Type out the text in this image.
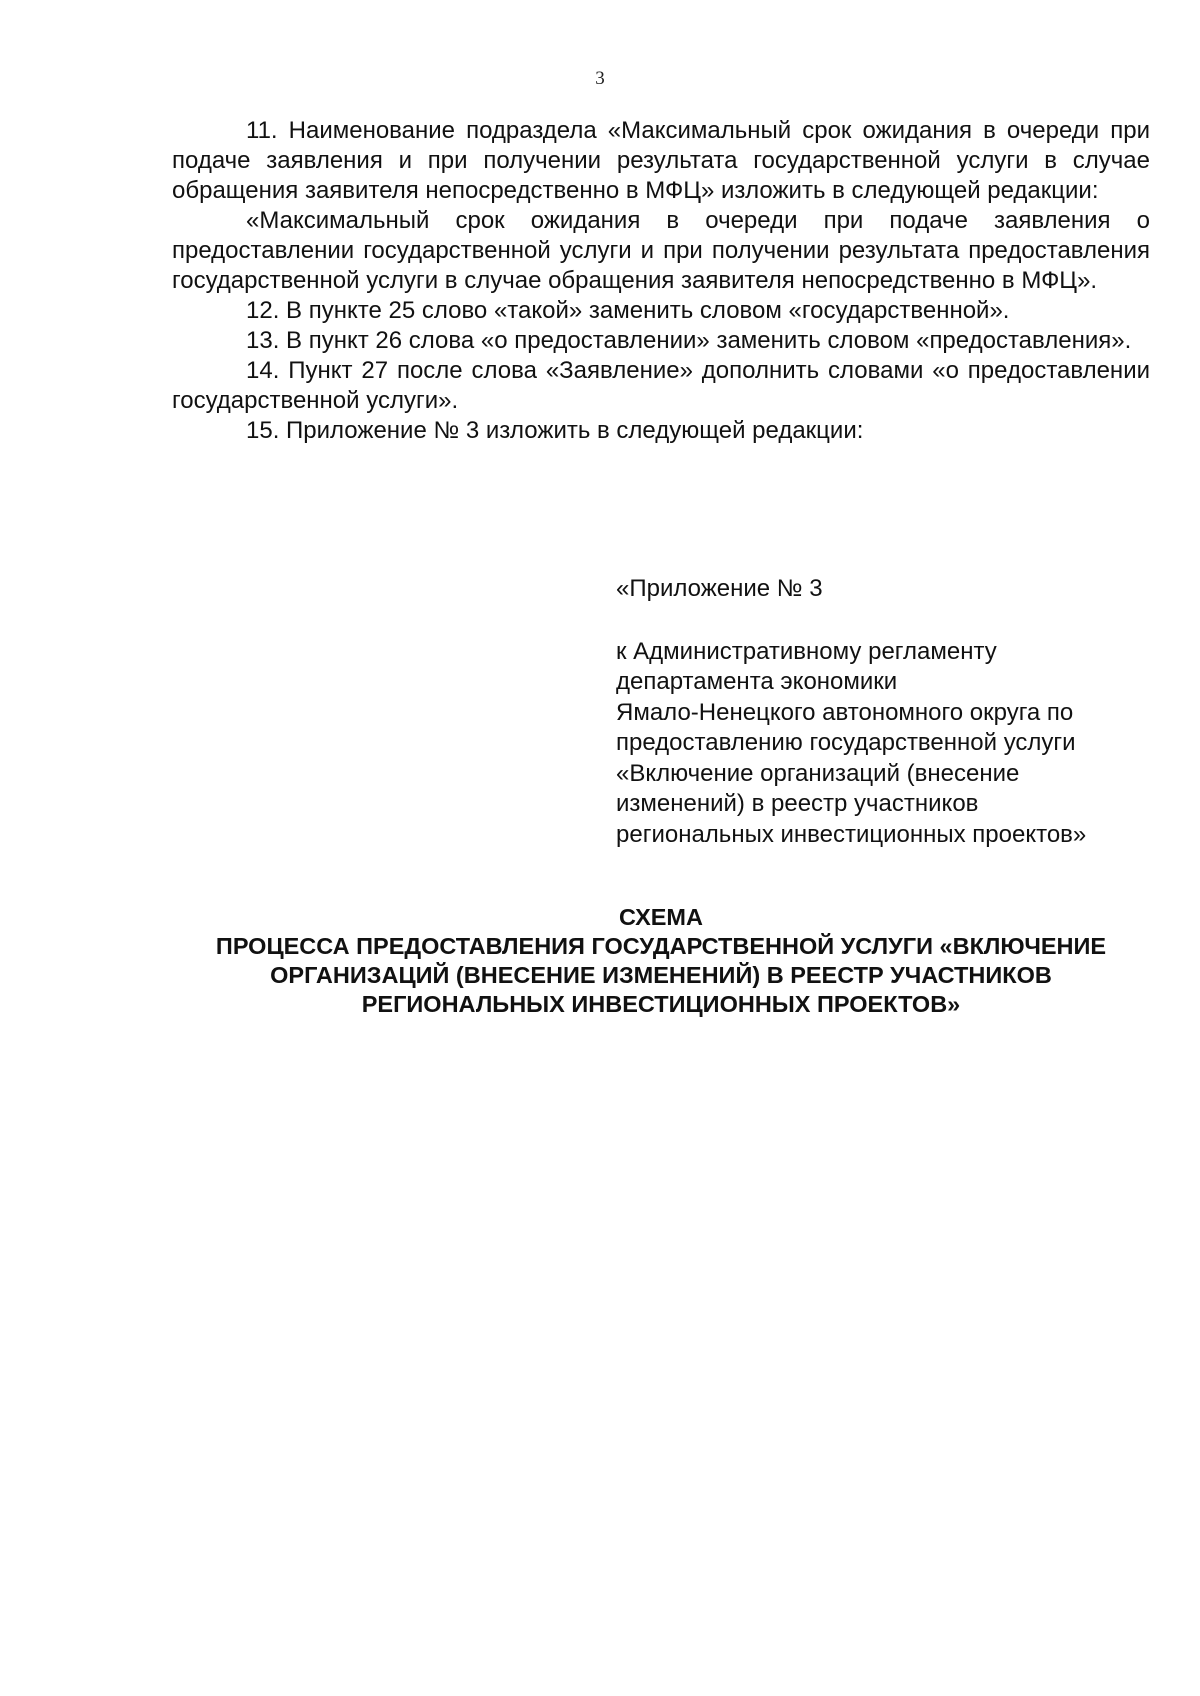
3

11. Наименование подраздела «Максимальный срок ожидания в очереди при подаче заявления и при получении результата государственной услуги в случае обращения заявителя непосредственно в МФЦ» изложить в следующей редакции:

«Максимальный срок ожидания в очереди при подаче заявления о предоставлении государственной услуги и при получении результата предоставления государственной услуги в случае обращения заявителя непосредственно в МФЦ».

12. В пункте 25 слово «такой» заменить словом «государственной».

13. В пункт 26 слова «о предоставлении» заменить словом «предоставления».

14. Пункт 27 после слова «Заявление» дополнить словами «о предоставлении государственной услуги».

15. Приложение № 3 изложить в следующей редакции:

«Приложение № 3
к Административному регламенту
департамента экономики
Ямало-Ненецкого автономного округа по
предоставлению государственной услуги
«Включение организаций (внесение
изменений) в реестр участников
региональных инвестиционных проектов»
СХЕМА
ПРОЦЕССА ПРЕДОСТАВЛЕНИЯ ГОСУДАРСТВЕННОЙ УСЛУГИ «ВКЛЮЧЕНИЕ
ОРГАНИЗАЦИЙ (ВНЕСЕНИЕ ИЗМЕНЕНИЙ) В РЕЕСТР УЧАСТНИКОВ
РЕГИОНАЛЬНЫХ ИНВЕСТИЦИОННЫХ ПРОЕКТОВ»
